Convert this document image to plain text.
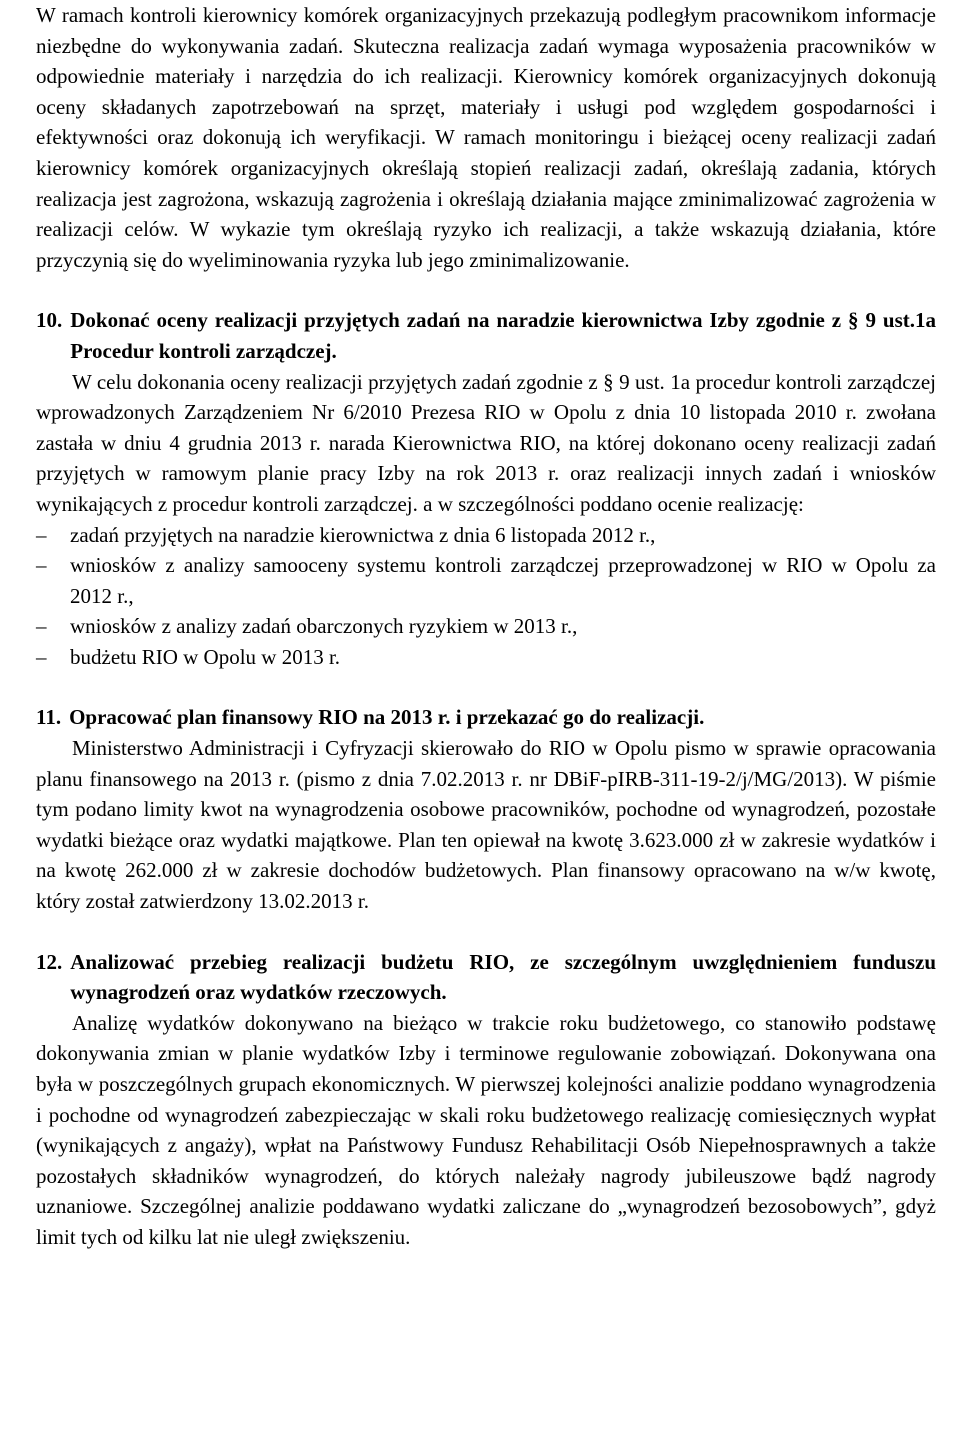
W ramach kontroli kierownicy komórek organizacyjnych przekazują podległym pracownikom informacje niezbędne do wykonywania zadań. Skuteczna realizacja zadań wymaga wyposażenia pracowników w odpowiednie materiały i narzędzia do ich realizacji. Kierownicy komórek organizacyjnych dokonują oceny składanych zapotrzebowań na sprzęt, materiały i usługi pod względem gospodarności i efektywności oraz dokonują ich weryfikacji. W ramach monitoringu i bieżącej oceny realizacji zadań kierownicy komórek organizacyjnych określają stopień realizacji zadań, określają zadania, których realizacja jest zagrożona, wskazują zagrożenia i określają działania mające zminimalizować zagrożenia w realizacji celów. W wykazie tym określają ryzyko ich realizacji, a także wskazują działania, które przyczynią się do wyeliminowania ryzyka lub jego zminimalizowanie.

10. Dokonać oceny realizacji przyjętych zadań na naradzie kierownictwa Izby zgodnie z § 9 ust.1a Procedur kontroli zarządczej.

W celu dokonania oceny realizacji przyjętych zadań zgodnie z § 9 ust. 1a procedur kontroli zarządczej wprowadzonych Zarządzeniem Nr 6/2010 Prezesa RIO w Opolu z dnia 10 listopada 2010 r. zwołana zastała w dniu 4 grudnia 2013 r. narada Kierownictwa RIO, na której dokonano oceny realizacji zadań przyjętych w ramowym planie pracy Izby na rok 2013 r. oraz realizacji innych zadań i wniosków wynikających z procedur kontroli zarządczej. a w szczególności poddano ocenie realizację:

–	zadań przyjętych na naradzie kierownictwa z dnia 6 listopada 2012 r.,
–	wniosków z analizy samooceny systemu kontroli zarządczej przeprowadzonej w RIO w Opolu za 2012 r.,
–	wniosków z analizy zadań obarczonych ryzykiem w 2013 r.,
–	budżetu RIO w Opolu w 2013 r.
11. Opracować plan finansowy RIO na 2013 r. i przekazać go do realizacji.

Ministerstwo Administracji i Cyfryzacji skierowało do RIO w Opolu pismo w sprawie opracowania planu finansowego na 2013 r. (pismo z dnia 7.02.2013 r. nr DBiF-pIRB-311-19-2/j/MG/2013). W piśmie tym podano limity kwot na wynagrodzenia osobowe pracowników, pochodne od wynagrodzeń, pozostałe wydatki bieżące oraz wydatki majątkowe. Plan ten opiewał na kwotę 3.623.000 zł w zakresie wydatków i na kwotę 262.000 zł w zakresie dochodów budżetowych. Plan finansowy opracowano na w/w kwotę, który został zatwierdzony 13.02.2013 r.

12. Analizować przebieg realizacji budżetu RIO, ze szczególnym uwzględnieniem funduszu wynagrodzeń oraz wydatków rzeczowych.

Analizę wydatków dokonywano na bieżąco w trakcie roku budżetowego, co stanowiło podstawę dokonywania zmian w planie wydatków Izby i terminowe regulowanie zobowiązań. Dokonywana ona była w poszczególnych grupach ekonomicznych. W pierwszej kolejności analizie poddano wynagrodzenia i pochodne od wynagrodzeń zabezpieczając w skali roku budżetowego realizację comiesięcznych wypłat (wynikających z angaży), wpłat na Państwowy Fundusz Rehabilitacji Osób Niepełnosprawnych a także pozostałych składników wynagrodzeń, do których należały nagrody jubileuszowe bądź nagrody uznaniowe. Szczególnej analizie poddawano wydatki zaliczane do „wynagrodzeń bezosobowych”, gdyż limit tych od kilku lat nie uległ zwiększeniu.
